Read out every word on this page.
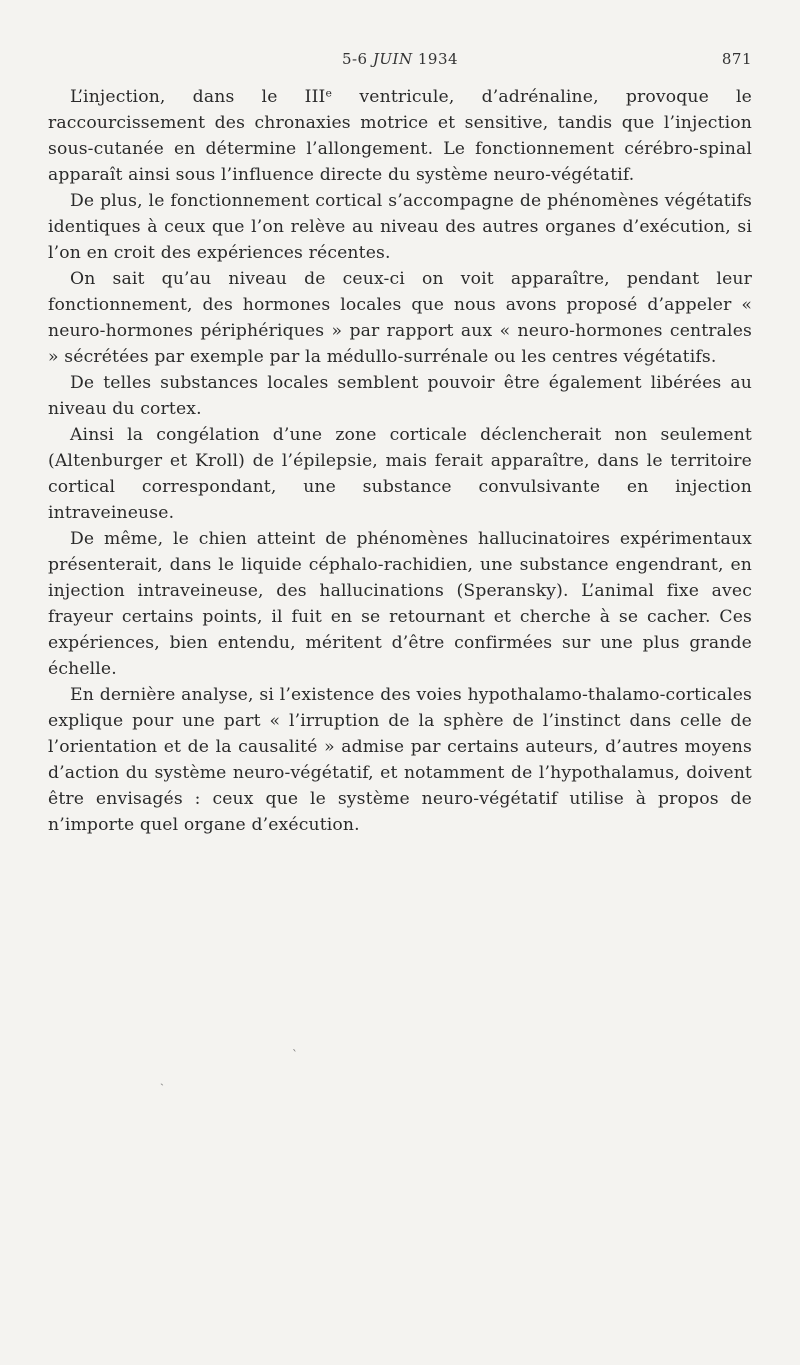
5-6 JUIN 1934	871

L’injection, dans le IIIᵉ ventricule, d’adrénaline, provoque le raccourcissement des chronaxies motrice et sensitive, tandis que l’injection sous-cutanée en détermine l’allongement. Le fonctionnement cérébro-spinal apparaît ainsi sous l’influence directe du système neuro-végétatif.

De plus, le fonctionnement cortical s’accompagne de phénomènes végétatifs identiques à ceux que l’on relève au niveau des autres organes d’exécution, si l’on en croit des expériences récentes.

On sait qu’au niveau de ceux-ci on voit apparaître, pendant leur fonctionnement, des hormones locales que nous avons proposé d’appeler « neuro-hormones périphériques » par rapport aux « neuro-hormones centrales » sécrétées par exemple par la médullo-surrénale ou les centres végétatifs.

De telles substances locales semblent pouvoir être également libérées au niveau du cortex.

Ainsi la congélation d’une zone corticale déclencherait non seulement (Altenburger et Kroll) de l’épilepsie, mais ferait apparaître, dans le territoire cortical correspondant, une substance convulsivante en injection intraveineuse.

De même, le chien atteint de phénomènes hallucinatoires expérimentaux présenterait, dans le liquide céphalo-rachidien, une substance engendrant, en injection intraveineuse, des hallucinations (Speransky). L’animal fixe avec frayeur certains points, il fuit en se retournant et cherche à se cacher. Ces expériences, bien entendu, méritent d’être confirmées sur une plus grande échelle.

En dernière analyse, si l’existence des voies hypothalamo-thalamo-corticales explique pour une part « l’irruption de la sphère de l’instinct dans celle de l’orientation et de la causalité » admise par certains auteurs, d’autres moyens d’action du système neuro-végétatif, et notamment de l’hypothalamus, doivent être envisagés : ceux que le système neuro-végétatif utilise à propos de n’importe quel organe d’exécution.

ˋ
ˏ
